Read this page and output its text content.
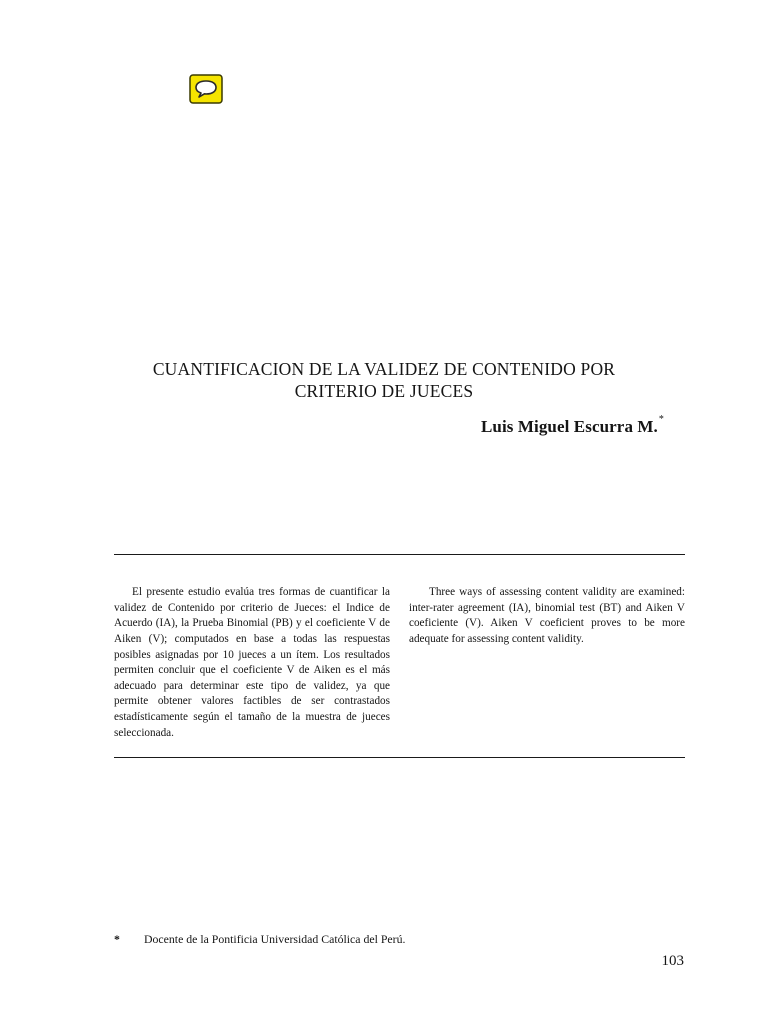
CUANTIFICACION DE LA VALIDEZ DE CONTENIDO POR
CRITERIO DE JUECES
Luis Miguel Escurra M.*

El presente estudio evalúa tres formas de cuantificar la validez de Contenido por criterio de Jueces: el Indice de Acuerdo (IA), la Prueba Binomial (PB) y el coeficiente V de Aiken (V); computados en base a todas las respuestas posibles asignadas por 10 jueces a un ítem. Los resultados permiten concluir que el coeficiente V de Aiken es el más adecuado para determinar este tipo de validez, ya que permite obtener valores factibles de ser contrastados estadísticamente según el tamaño de la muestra de jueces seleccionada.

Three ways of assessing content validity are examined: inter-rater agreement (IA), binomial test (BT) and Aiken V coeficiente (V). Aiken V coeficient proves to be more adequate for assessing content validity.

* Docente de la Pontificia Universidad Católica del Perú.
103
